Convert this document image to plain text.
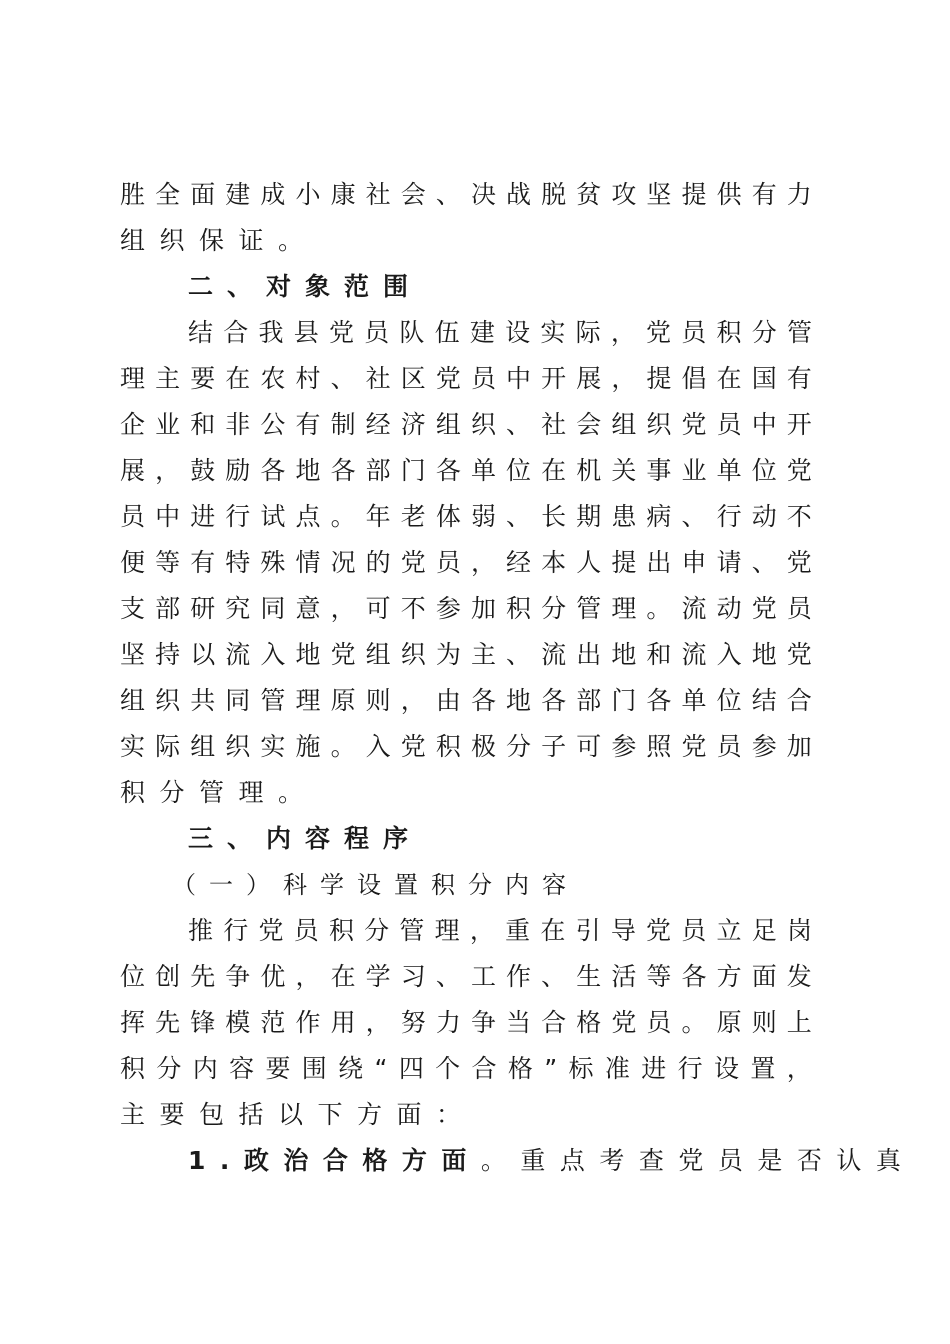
胜 全 面 建 成 小 康 社 会 、 决 战 脱 贫 攻 坚 提 供 有 力
组织保证。
二、对象范围
结 合 我 县 党 员 队 伍 建 设 实 际 ， 党 员 积 分 管
理 主 要 在 农 村 、 社 区 党 员 中 开 展 ， 提 倡 在 国 有
企 业 和 非 公 有 制 经 济 组 织 、 社 会 组 织 党 员 中 开
展 ， 鼓 励 各 地 各 部 门 各 单 位 在 机 关 事 业 单 位 党
员 中 进 行 试 点 。 年 老 体 弱 、 长 期 患 病 、 行 动 不
便 等 有 特 殊 情 况 的 党 员 ， 经 本 人 提 出 申 请 、 党
支 部 研 究 同 意 ， 可 不 参 加 积 分 管 理 。 流 动 党 员
坚 持 以 流 入 地 党 组 织 为 主 、 流 出 地 和 流 入 地 党
组 织 共 同 管 理 原 则 ， 由 各 地 各 部 门 各 单 位 结 合
实 际 组 织 实 施 。 入 党 积 极 分 子 可 参 照 党 员 参 加
积分管理。
三、内容程序
（一）科学设置积分内容
推 行 党 员 积 分 管 理 ， 重 在 引 导 党 员 立 足 岗
位 创 先 争 优 ， 在 学 习 、 工 作 、 生 活 等 各 方 面 发
挥 先 锋 模 范 作 用 ， 努 力 争 当 合 格 党 员 。 原 则 上
积 分 内 容 要 围 绕 “ 四 个 合 格 ” 标 准 进 行 设 置 ，
主要包括以下方面：
1.政治合格方面。重点考查党员是否认真
